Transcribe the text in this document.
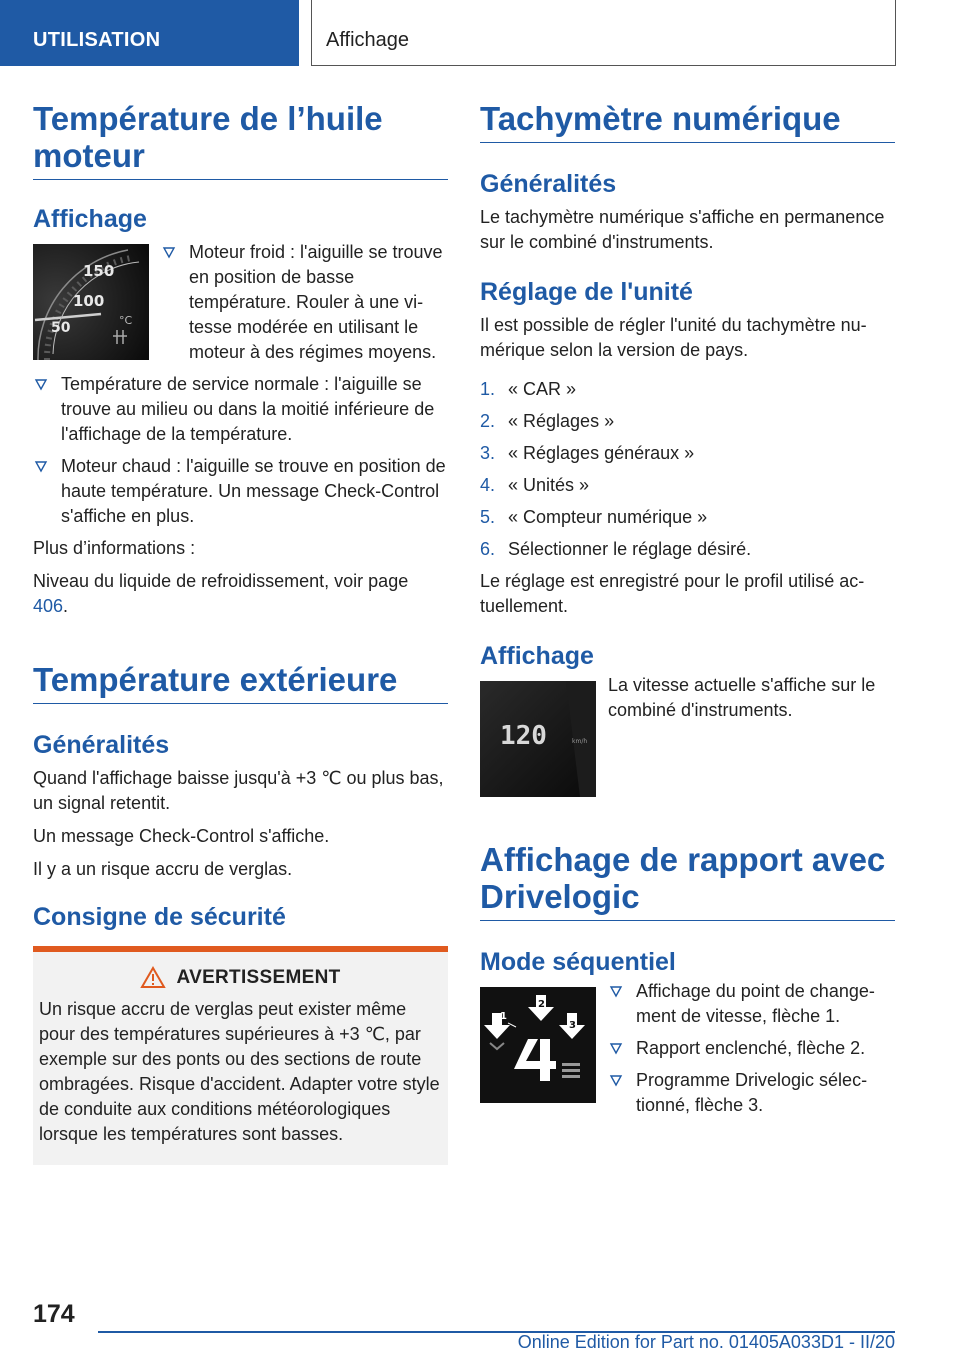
UTILISATION	Affichage
Température de l’huile moteur
Affichage
150
100
50	°C
Moteur froid : l'aiguille se trouve en position de basse température. Rouler à une vitesse modérée en utilisant le moteur à des régimes moyens.
Température de service normale : l'aiguille se trouve au milieu ou dans la moitié inférieure de l'affichage de la température.
Moteur chaud : l'aiguille se trouve en position de haute température. Un message Check-Control s'affiche en plus.

Plus d’informations :

Niveau du liquide de refroidissement, voir page 406.

Température extérieure
Généralités

Quand l'affichage baisse jusqu'à +3 ℃ ou plus bas, un signal retentit.

Un message Check-Control s'affiche.

Il y a un risque accru de verglas.

Consigne de sécurité
AVERTISSEMENT

Un risque accru de verglas peut exister même pour des températures supérieures à +3 ℃, par exemple sur des ponts ou des sections de route ombragées. Risque d'accident. Adapter votre style de conduite aux conditions météorologiques lorsque les températures sont basses.

Tachymètre numérique
Généralités

Le tachymètre numérique s'affiche en permanence sur le combiné d'instruments.

Réglage de l'unité

Il est possible de régler l'unité du tachymètre numérique selon la version de pays.

1. « CAR »
2. « Réglages »
3. « Réglages généraux »
4. « Unités »
5. « Compteur numérique »
6. Sélectionner le réglage désiré.

Le réglage est enregistré pour le profil utilisé actuellement.

Affichage
120	km/h

La vitesse actuelle s'affiche sur le combiné d'instruments.

Affichage de rapport avec Drivelogic
Mode séquentiel
1
2
3
Affichage du point de changement de vitesse, flèche 1.
Rapport enclenché, flèche 2.
Programme Drivelogic sélectionné, flèche 3.
174
Online Edition for Part no. 01405A033D1 - II/20
